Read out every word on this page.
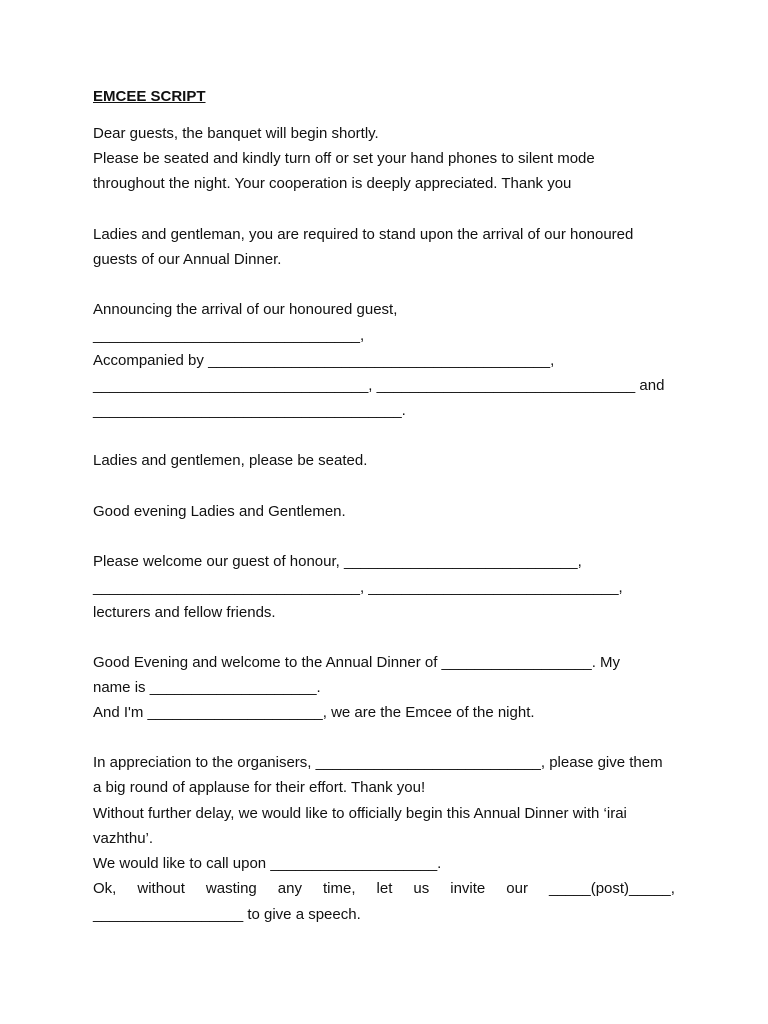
EMCEE SCRIPT

Dear guests, the banquet will begin shortly.

Please be seated and kindly turn off or set your hand phones to silent mode

throughout the night. Your cooperation is deeply appreciated. Thank you

Ladies and gentleman, you are required to stand upon the arrival of our honoured

guests of our Annual Dinner.

Announcing the arrival of our honoured guest,

________________________________,

Accompanied by _________________________________________,

_________________________________, _______________________________ and

_____________________________________.

Ladies and gentlemen, please be seated.

Good evening Ladies and Gentlemen.

Please welcome our guest of honour, ____________________________,

________________________________, ______________________________,

lecturers and fellow friends.

Good Evening and welcome to the Annual Dinner of __________________. My

name is ____________________.

And I'm _____________________, we are the Emcee of the night.

In appreciation to the organisers, ___________________________, please give them

a big round of applause for their effort. Thank you!

Without further delay, we would like to officially begin this Annual Dinner with ‘irai

vazhthu’.

We would like to call upon ____________________.

Ok, without wasting any time, let us invite our _____(post)_____,

__________________ to give a speech.
